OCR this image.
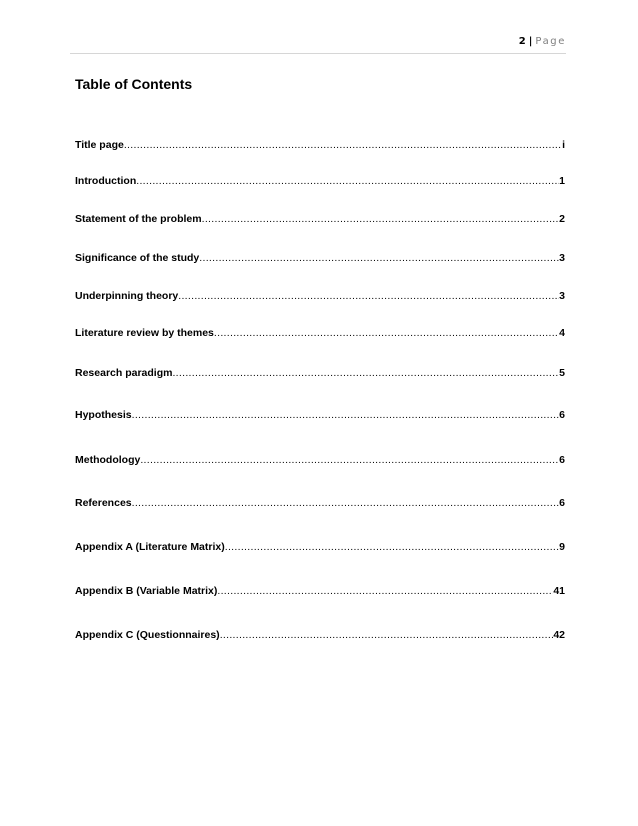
2 | Page
Table of Contents
Title page .....	i
Introduction .....	1
Statement of the problem .....	2
Significance of the study .....	3
Underpinning theory .....	3
Literature review by themes .....	4
Research paradigm .....	5
Hypothesis .....	6
Methodology .....	6
References .....	6
Appendix A (Literature Matrix) .....	9
Appendix B (Variable Matrix) .....	41
Appendix C (Questionnaires) .....	42
